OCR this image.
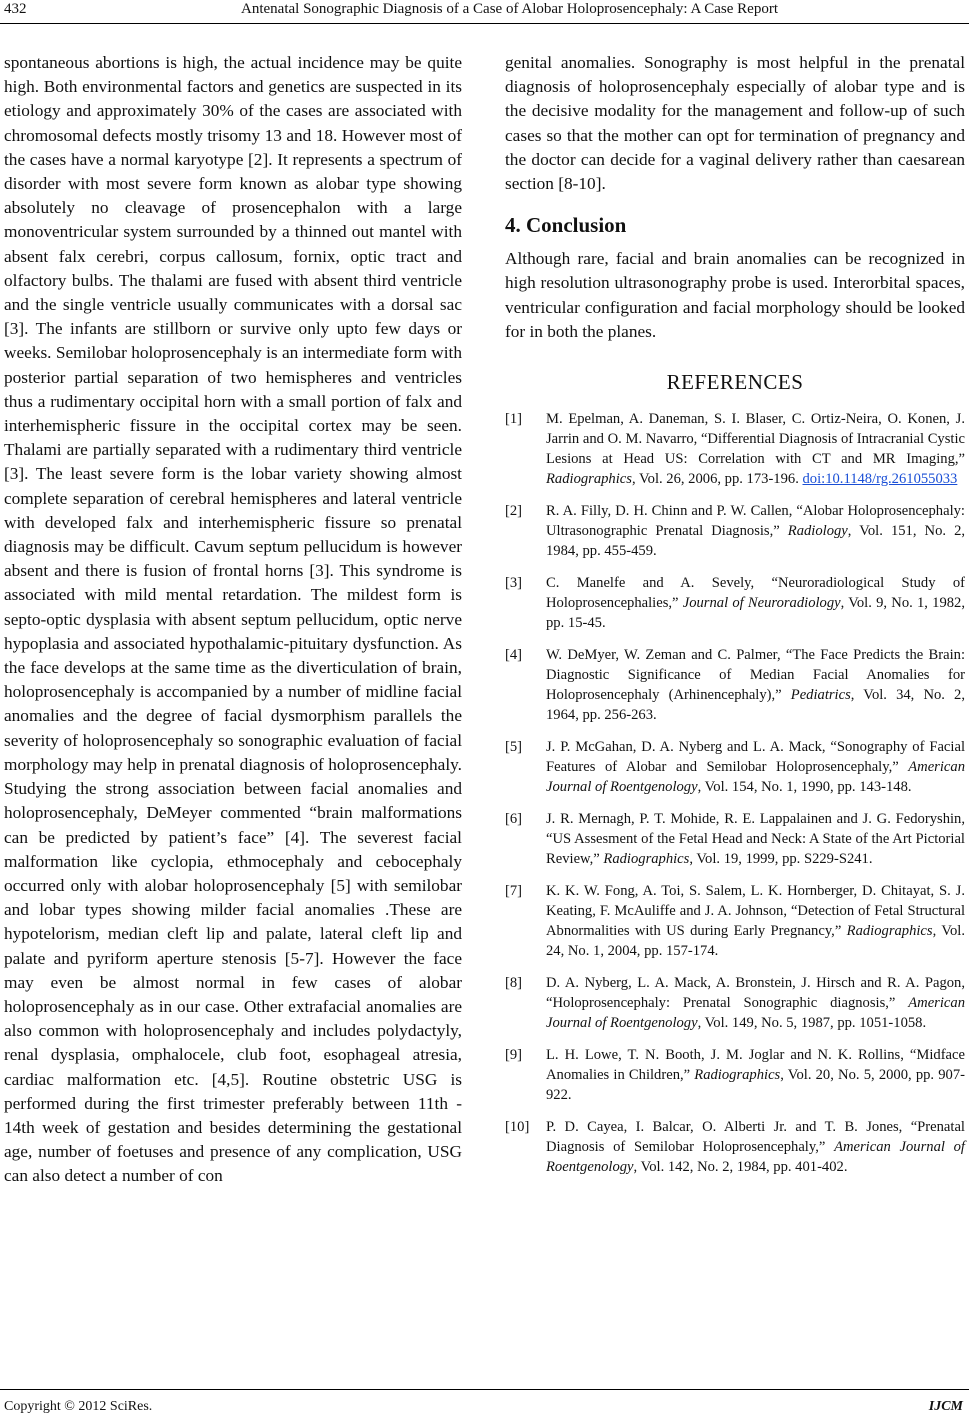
432	Antenatal Sonographic Diagnosis of a Case of Alobar Holoprosencephaly: A Case Report

spontaneous abortions is high, the actual incidence may be quite high. Both environmental factors and genetics are suspected in its etiology and approximately 30% of the cases are associated with chromosomal defects mostly trisomy 13 and 18. However most of the cases have a normal karyotype [2]. It represents a spectrum of disorder with most severe form known as alobar type showing absolutely no cleavage of prosencephalon with a large monoventricular system surrounded by a thinned out mantel with absent falx cerebri, corpus callosum, fornix, optic tract and olfactory bulbs. The thalami are fused with absent third ventricle and the single ventricle usually communicates with a dorsal sac [3]. The infants are stillborn or survive only upto few days or weeks. Semilobar holoprosencephaly is an intermediate form with posterior partial separation of two hemispheres and ventricles thus a rudimentary occipital horn with a small portion of falx and interhemispheric fissure in the occipital cortex may be seen. Thalami are partially separated with a rudimentary third ventricle [3]. The least severe form is the lobar variety showing almost complete separation of cerebral hemispheres and lateral ventricle with developed falx and interhemispheric fissure so prenatal diagnosis may be difficult. Cavum septum pellucidum is however absent and there is fusion of frontal horns [3]. This syndrome is associated with mild mental retardation. The mildest form is septo-optic dysplasia with absent septum pellucidum, optic nerve hypoplasia and associated hypothalamic-pituitary dysfunction. As the face develops at the same time as the diverticulation of brain, holoprosencephaly is accompanied by a number of midline facial anomalies and the degree of facial dysmorphism parallels the severity of holoprosencephaly so sonographic evaluation of facial morphology may help in prenatal diagnosis of holoprosencephaly. Studying the strong association between facial anomalies and holoprosencephaly, DeMeyer commented “brain malformations can be predicted by patient’s face” [4]. The severest facial malformation like cyclopia, ethmocephaly and cebocephaly occurred only with alobar holoprosencephaly [5] with semilobar and lobar types showing milder facial anomalies .These are hypotelorism, median cleft lip and palate, lateral cleft lip and palate and pyriform aperture stenosis [5-7]. However the face may even be almost normal in few cases of alobar holoprosencephaly as in our case. Other extrafacial anomalies are also common with holoprosencephaly and includes polydactyly, renal dysplasia, omphalocele, club foot, esophageal atresia, cardiac malformation etc. [4,5]. Routine obstetric USG is performed during the first trimester preferably between 11th - 14th week of gestation and besides determining the gestational age, number of foetuses and presence of any complication, USG can also detect a number of con

genital anomalies. Sonography is most helpful in the prenatal diagnosis of holoprosencephaly especially of alobar type and is the decisive modality for the management and follow-up of such cases so that the mother can opt for termination of pregnancy and the doctor can decide for a vaginal delivery rather than caesarean section [8-10].

4. Conclusion

Although rare, facial and brain anomalies can be recognized in high resolution ultrasonography probe is used. Interorbital spaces, ventricular configuration and facial morphology should be looked for in both the planes.

REFERENCES
[1] M. Epelman, A. Daneman, S. I. Blaser, C. Ortiz-Neira, O. Konen, J. Jarrin and O. M. Navarro, “Differential Diagnosis of Intracranial Cystic Lesions at Head US: Correlation with CT and MR Imaging,” Radiographics, Vol. 26, 2006, pp. 173-196. doi:10.1148/rg.261055033
[2] R. A. Filly, D. H. Chinn and P. W. Callen, “Alobar Holoprosencephaly: Ultrasonographic Prenatal Diagnosis,” Radiology, Vol. 151, No. 2, 1984, pp. 455-459.
[3] C. Manelfe and A. Sevely, “Neuroradiological Study of Holoprosencephalies,” Journal of Neuroradiology, Vol. 9, No. 1, 1982, pp. 15-45.
[4] W. DeMyer, W. Zeman and C. Palmer, “The Face Predicts the Brain: Diagnostic Significance of Median Facial Anomalies for Holoprosencephaly (Arhinencephaly),” Pediatrics, Vol. 34, No. 2, 1964, pp. 256-263.
[5] J. P. McGahan, D. A. Nyberg and L. A. Mack, “Sonography of Facial Features of Alobar and Semilobar Holoprosencephaly,” American Journal of Roentgenology, Vol. 154, No. 1, 1990, pp. 143-148.
[6] J. R. Mernagh, P. T. Mohide, R. E. Lappalainen and J. G. Fedoryshin, “US Assesment of the Fetal Head and Neck: A State of the Art Pictorial Review,” Radiographics, Vol. 19, 1999, pp. S229-S241.
[7] K. K. W. Fong, A. Toi, S. Salem, L. K. Hornberger, D. Chitayat, S. J. Keating, F. McAuliffe and J. A. Johnson, “Detection of Fetal Structural Abnormalities with US during Early Pregnancy,” Radiographics, Vol. 24, No. 1, 2004, pp. 157-174.
[8] D. A. Nyberg, L. A. Mack, A. Bronstein, J. Hirsch and R. A. Pagon, “Holoprosencephaly: Prenatal Sonographic diagnosis,” American Journal of Roentgenology, Vol. 149, No. 5, 1987, pp. 1051-1058.
[9] L. H. Lowe, T. N. Booth, J. M. Joglar and N. K. Rollins, “Midface Anomalies in Children,” Radiographics, Vol. 20, No. 5, 2000, pp. 907-922.
[10] P. D. Cayea, I. Balcar, O. Alberti Jr. and T. B. Jones, “Prenatal Diagnosis of Semilobar Holoprosencephaly,” American Journal of Roentgenology, Vol. 142, No. 2, 1984, pp. 401-402.
Copyright © 2012 SciRes.	IJCM
